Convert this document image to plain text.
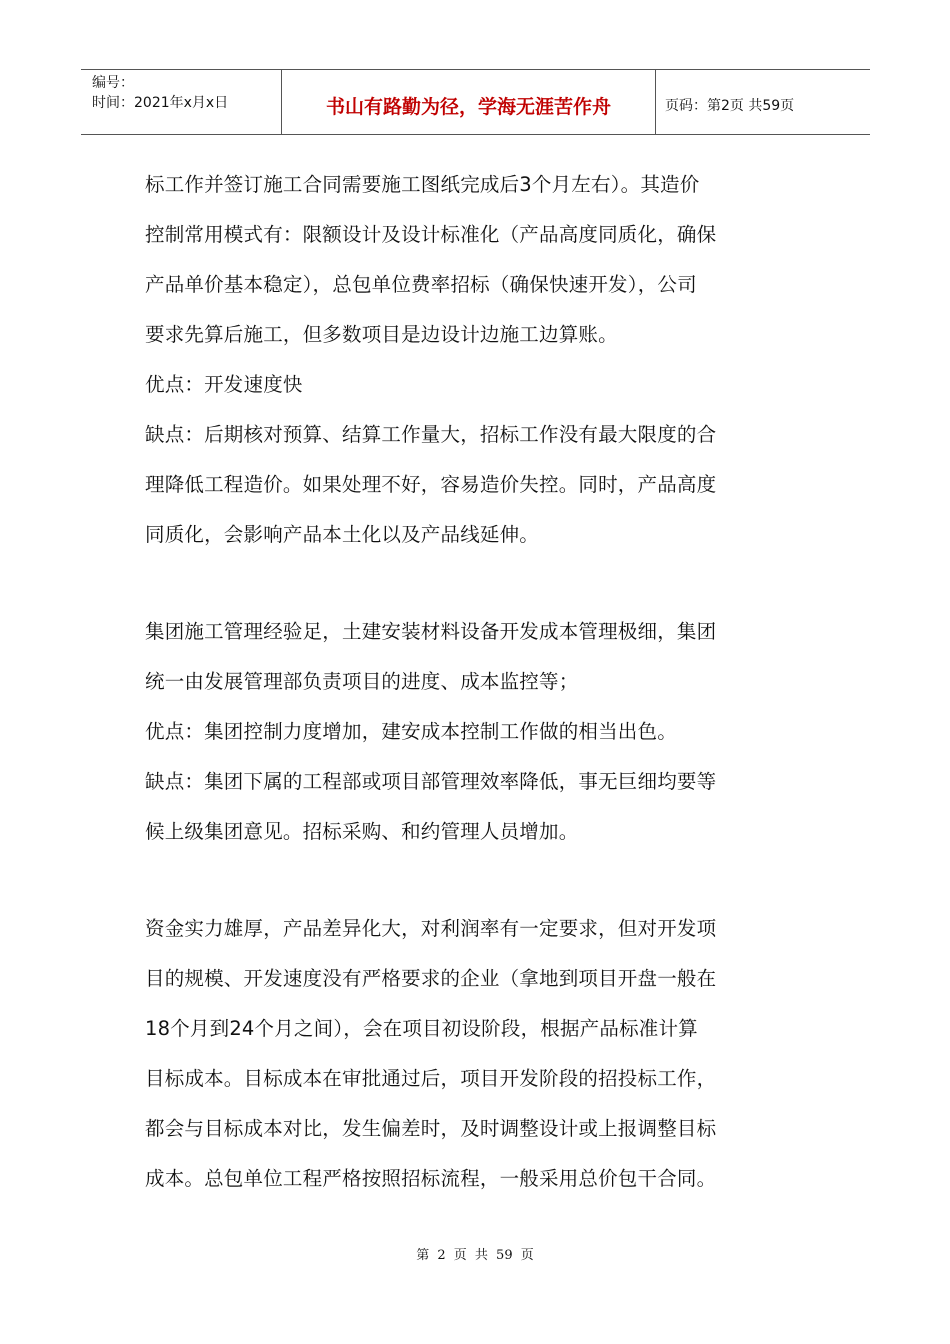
编号：
时间：2021年x月x日	书山有路勤为径，学海无涯苦作舟	页码：第2页 共59页
标工作并签订施工合同需要施工图纸完成后3个月左右）。其造价
控制常用模式有：限额设计及设计标准化（产品高度同质化，确保
产品单价基本稳定），总包单位费率招标（确保快速开发），公司
要求先算后施工，但多数项目是边设计边施工边算账。
优点：开发速度快
缺点：后期核对预算、结算工作量大，招标工作没有最大限度的合
理降低工程造价。如果处理不好，容易造价失控。同时，产品高度
同质化，会影响产品本土化以及产品线延伸。
集团施工管理经验足，土建安装材料设备开发成本管理极细，集团
统一由发展管理部负责项目的进度、成本监控等；
优点：集团控制力度增加，建安成本控制工作做的相当出色。
缺点：集团下属的工程部或项目部管理效率降低，事无巨细均要等
候上级集团意见。招标采购、和约管理人员增加。
资金实力雄厚，产品差异化大，对利润率有一定要求，但对开发项
目的规模、开发速度没有严格要求的企业（拿地到项目开盘一般在
18个月到24个月之间），会在项目初设阶段，根据产品标准计算
目标成本。目标成本在审批通过后，项目开发阶段的招投标工作，
都会与目标成本对比，发生偏差时，及时调整设计或上报调整目标
成本。总包单位工程严格按照招标流程，一般采用总价包干合同。
第 2 页 共 59 页
